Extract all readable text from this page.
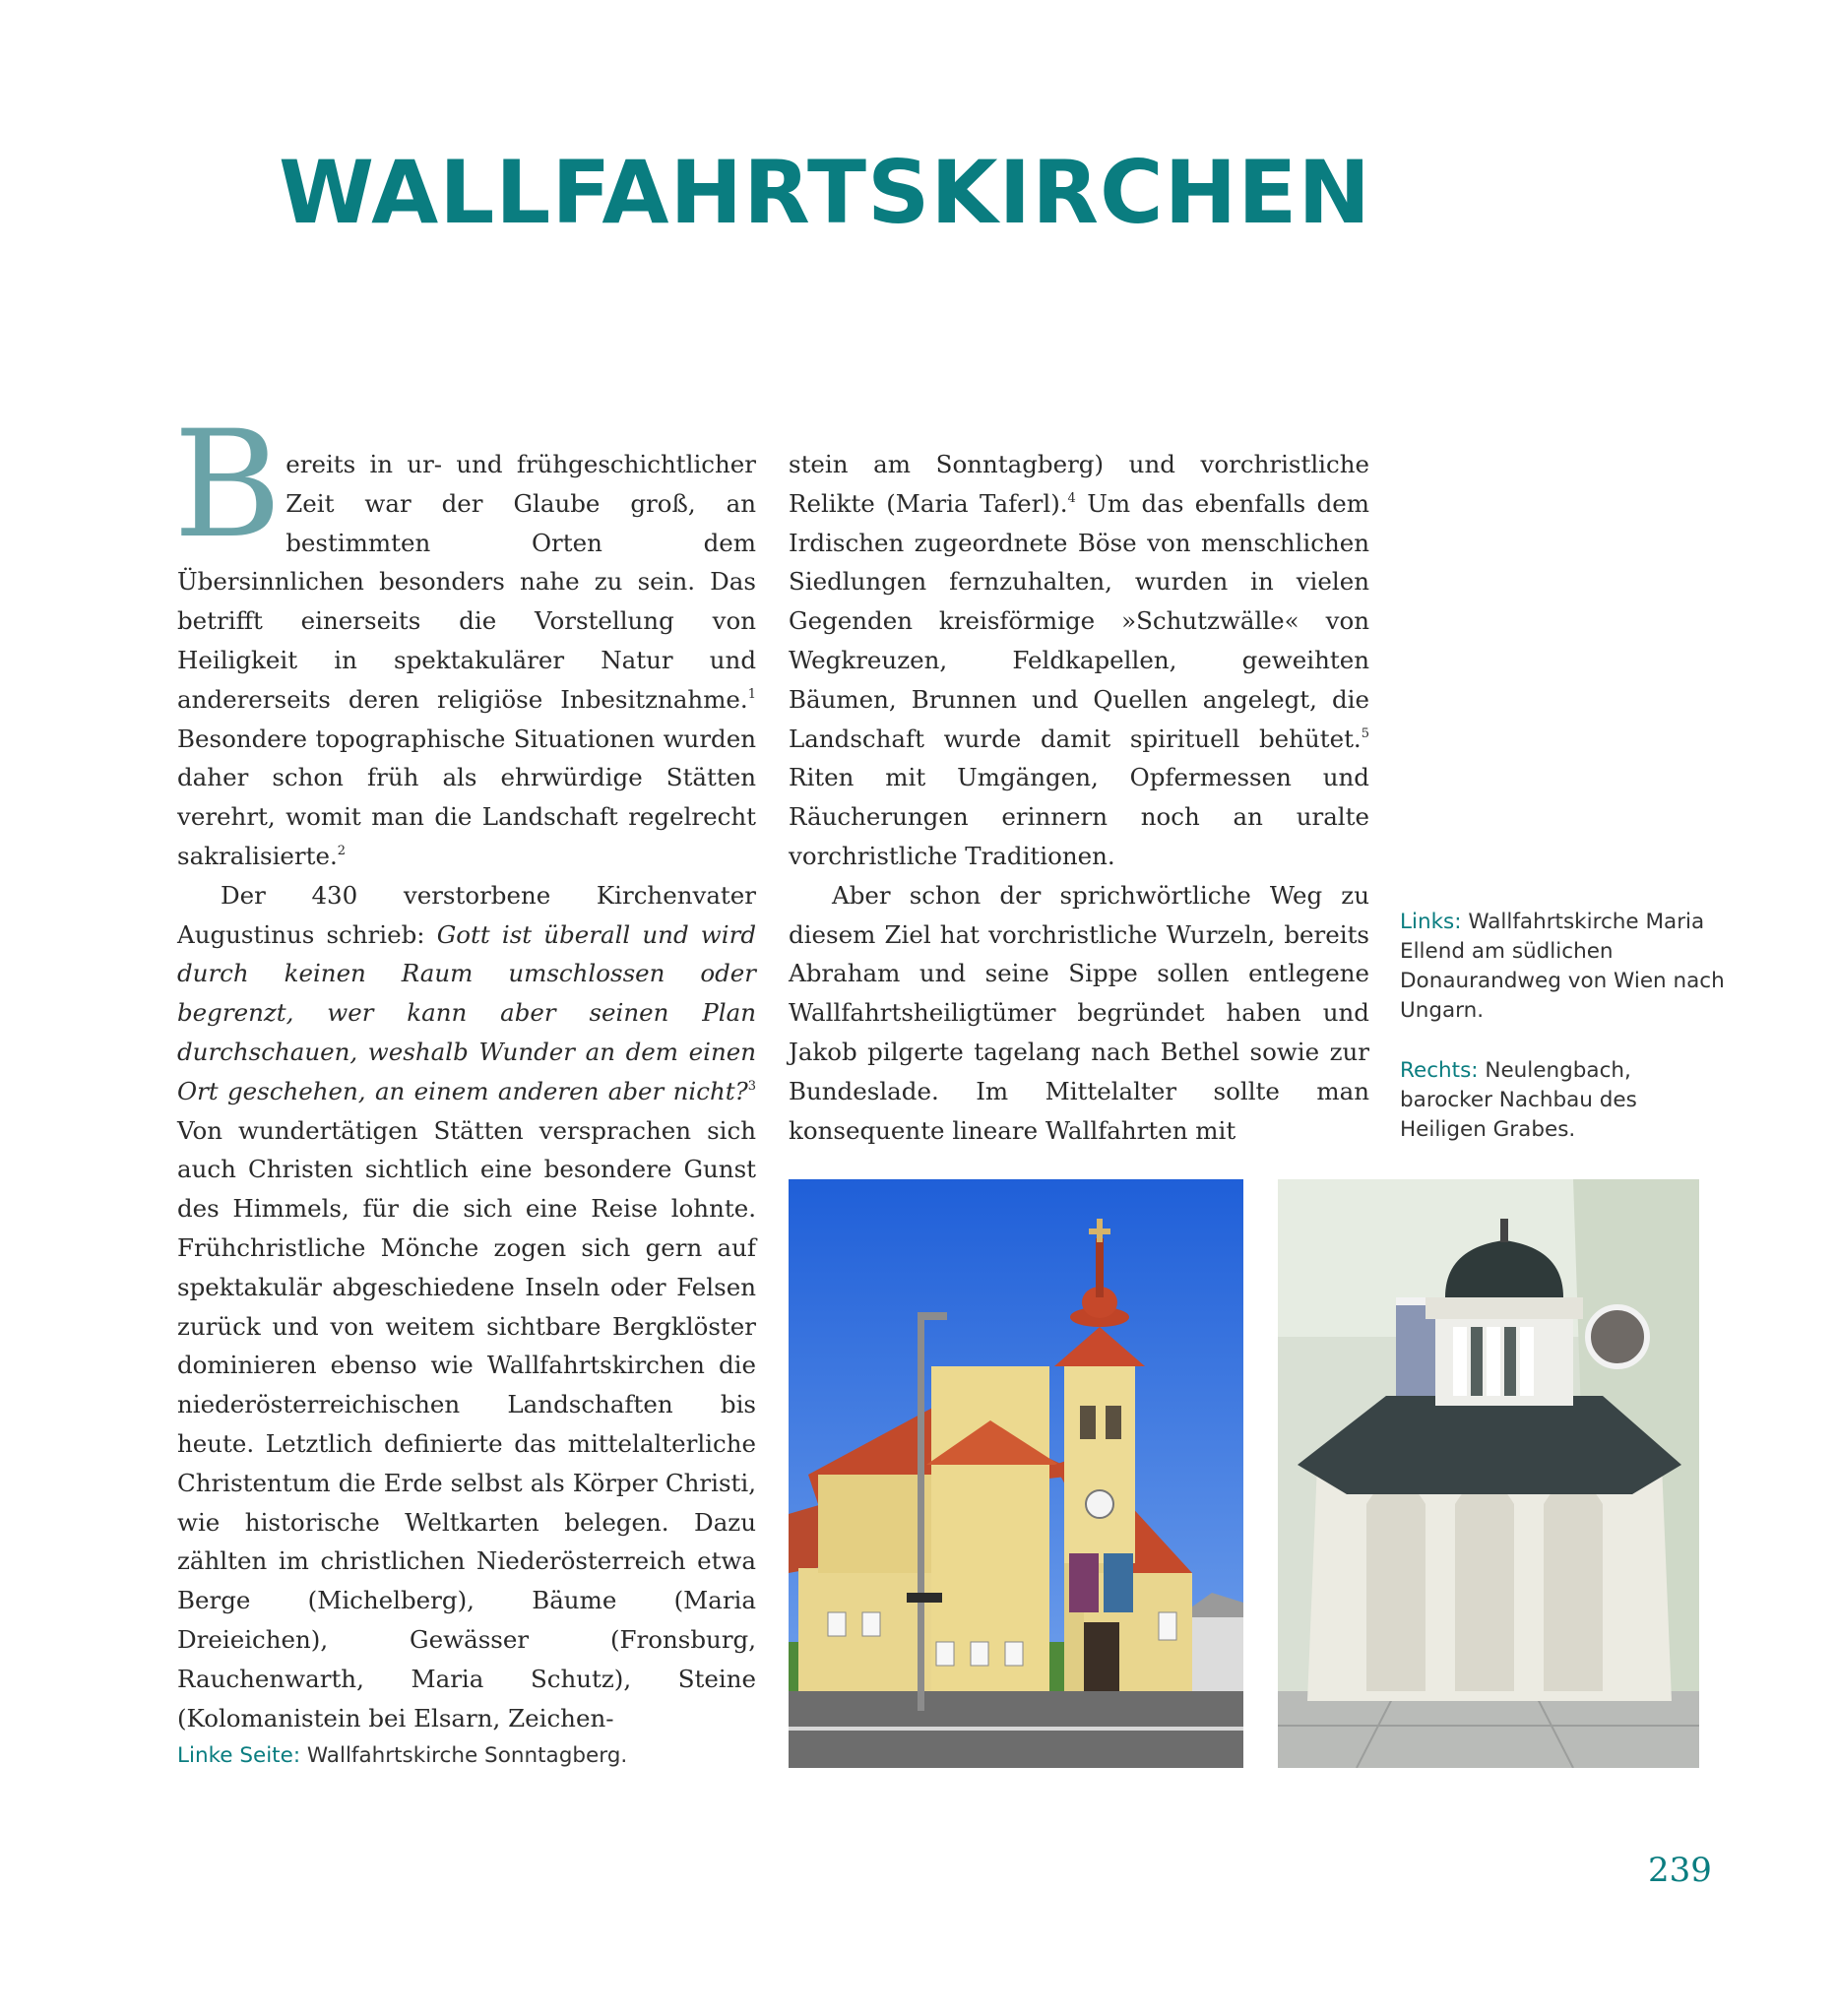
WALLFAHRTSKIRCHEN

Bereits in ur- und frühgeschichtlicher Zeit war der Glaube groß, an bestimmten Orten dem Übersinnlichen besonders nahe zu sein. Das betrifft einerseits die Vorstellung von Heiligkeit in spektakulärer Natur und andererseits deren religiöse Inbesitznahme.$^1$ Besondere topographische Situationen wurden daher schon früh als ehrwürdige Stätten verehrt, womit man die Landschaft regelrecht sakralisierte.$^2$

Der 430 verstorbene Kirchenvater Augustinus schrieb: Gott ist überall und wird durch keinen Raum umschlossen oder begrenzt, wer kann aber seinen Plan durchschauen, weshalb Wunder an dem einen Ort geschehen, an einem anderen aber nicht?$^3$ Von wundertätigen Stätten versprachen sich auch Christen sichtlich eine besondere Gunst des Himmels, für die sich eine Reise lohnte. Frühchristliche Mönche zogen sich gern auf spektakulär abgeschiedene Inseln oder Felsen zurück und von weitem sichtbare Bergklöster dominieren ebenso wie Wallfahrtskirchen die niederösterreichischen Landschaften bis heute. Letztlich definierte das mittelalterliche Christentum die Erde selbst als Körper Christi, wie historische Weltkarten belegen. Dazu zählten im christlichen Niederösterreich etwa Berge (Michelberg), Bäume (Maria Dreieichen), Gewässer (Fronsburg, Rauchenwarth, Maria Schutz), Steine (Kolomanistein bei Elsarn, Zeichen-

stein am Sonntagberg) und vorchristliche Relikte (Maria Taferl).$^4$ Um das ebenfalls dem Irdischen zugeordnete Böse von menschlichen Siedlungen fernzuhalten, wurden in vielen Gegenden kreisförmige »Schutzwälle« von Wegkreuzen, Feldkapellen, geweihten Bäumen, Brunnen und Quellen angelegt, die Landschaft wurde damit spirituell behütet.$^5$ Riten mit Umgängen, Opfermessen und Räucherungen erinnern noch an uralte vorchristliche Traditionen.

Aber schon der sprichwörtliche Weg zu diesem Ziel hat vorchristliche Wurzeln, bereits Abraham und seine Sippe sollen entlegene Wallfahrtsheiligtümer begründet haben und Jakob pilgerte tagelang nach Bethel sowie zur Bundeslade. Im Mittelalter sollte man konsequente lineare Wallfahrten mit

Links: Wallfahrtskirche Maria Ellend am südlichen Donaurandweg von Wien nach Ungarn.
Rechts: Neulengbach, barocker Nachbau des Heiligen Grabes.
Linke Seite: Wallfahrtskirche Sonntagberg.
239
